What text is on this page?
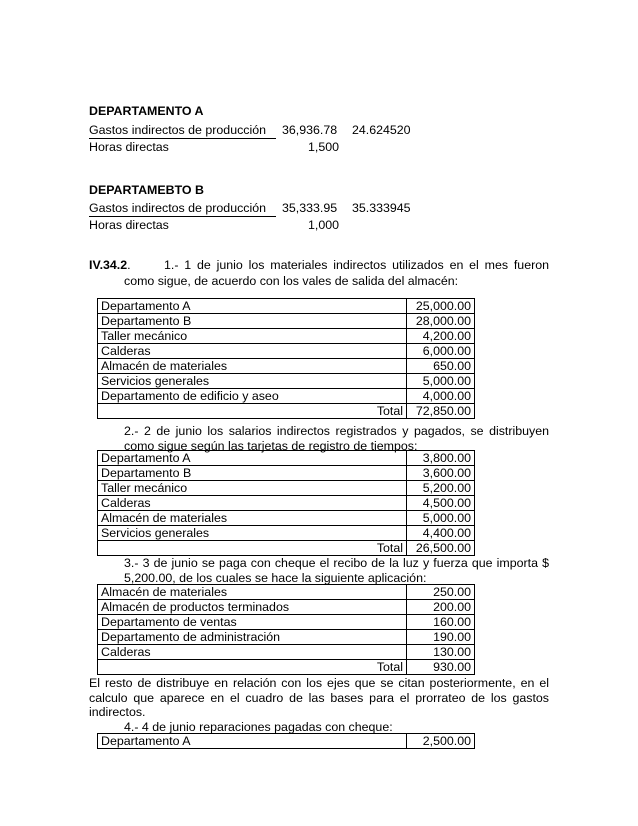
DEPARTAMENTO A
Gastos indirectos de producción	36,936.78 24.624520
Horas directas	1,500
DEPARTAMEBTO B
Gastos indirectos de producción	35,333.95 35.333945
Horas directas	1,000
IV.34.2.	1.- 1 de junio los materiales indirectos utilizados en el mes fueron
como sigue, de acuerdo con los vales de salida del almacén:
Departamento A	25,000.00
Departamento B	28,000.00
Taller mecánico	4,200.00
Calderas	6,000.00
Almacén de materiales	650.00
Servicios generales	5,000.00
Departamento de edificio y aseo	4,000.00
Total	72,850.00
2.- 2 de junio los salarios indirectos registrados y pagados, se distribuyen
como sigue según las tarjetas de registro de tiempos:
Departamento A	3,800.00
Departamento B	3,600.00
Taller mecánico	5,200.00
Calderas	4,500.00
Almacén de materiales	5,000.00
Servicios generales	4,400.00
Total	26,500.00
3.- 3 de junio se paga con cheque el recibo de la luz y fuerza que importa $
5,200.00, de los cuales se hace la siguiente aplicación:
Almacén de materiales	250.00
Almacén de productos terminados	200.00
Departamento de ventas	160.00
Departamento de administración	190.00
Calderas	130.00
Total	930.00
El resto de distribuye en relación con los ejes que se citan posteriormente, en el
calculo que aparece en el cuadro de las bases para el prorrateo de los gastos
indirectos.
4.- 4 de junio reparaciones pagadas con cheque:
Departamento A	2,500.00
